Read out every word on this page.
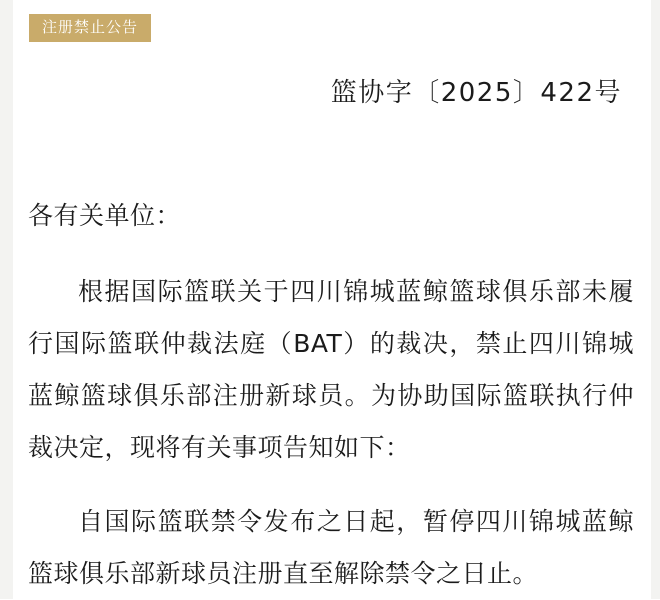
注册禁止公告
篮协字〔2025〕422号

各有关单位：

根据国际篮联关于四川锦城蓝鲸篮球俱乐部未履行国际篮联仲裁法庭（BAT）的裁决，禁止四川锦城蓝鲸篮球俱乐部注册新球员。为协助国际篮联执行仲裁决定，现将有关事项告知如下：

自国际篮联禁令发布之日起，暂停四川锦城蓝鲸篮球俱乐部新球员注册直至解除禁令之日止。
